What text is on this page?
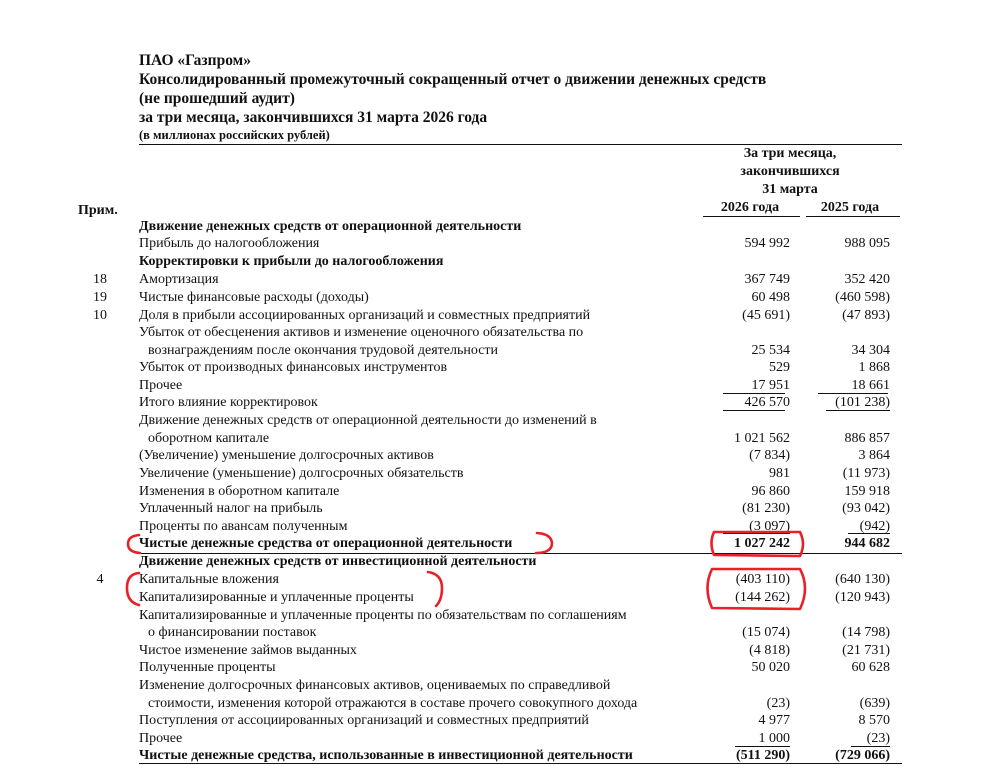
ПАО «Газпром»
Консолидированный промежуточный сокращенный отчет о движении денежных средств
(не прошедший аудит)
за три месяца, закончившихся 31 марта 2026 года
(в миллионах российских рублей)
За три месяца,
закончившихся
31 марта
2026 года	2025 года
Прим.
Движение денежных средств от операционной деятельности
Прибыль до налогообложения	594 992	988 095
Корректировки к прибыли до налогообложения
18 Амортизация	367 749	352 420
19 Чистые финансовые расходы (доходы)	60 498	(460 598)
10 Доля в прибыли ассоциированных организаций и совместных предприятий	(45 691)	(47 893)
Убыток от обесценения активов и изменение оценочного обязательства по
вознаграждениям после окончания трудовой деятельности	25 534	34 304
Убыток от производных финансовых инструментов	529	1 868
Прочее	17 951	18 661
Итого влияние корректировок	426 570	(101 238)
Движение денежных средств от операционной деятельности до изменений в
оборотном капитале	1 021 562	886 857
(Увеличение) уменьшение долгосрочных активов	(7 834)	3 864
Увеличение (уменьшение) долгосрочных обязательств	981	(11 973)
Изменения в оборотном капитале	96 860	159 918
Уплаченный налог на прибыль	(81 230)	(93 042)
Проценты по авансам полученным	(3 097)	(942)
Чистые денежные средства от операционной деятельности	1 027 242	944 682
Движение денежных средств от инвестиционной деятельности
4	Капитальные вложения	(403 110)	(640 130)
Капитализированные и уплаченные проценты	(144 262)	(120 943)
Капитализированные и уплаченные проценты по обязательствам по соглашениям
о финансировании поставок	(15 074)	(14 798)
Чистое изменение займов выданных	(4 818)	(21 731)
Полученные проценты	50 020	60 628
Изменение долгосрочных финансовых активов, оцениваемых по справедливой
стоимости, изменения которой отражаются в составе прочего совокупного дохода	(23)	(639)
Поступления от ассоциированных организаций и совместных предприятий	4 977	8 570
Прочее	1 000	(23)
Чистые денежные средства, использованные в инвестиционной деятельности	(511 290)	(729 066)
